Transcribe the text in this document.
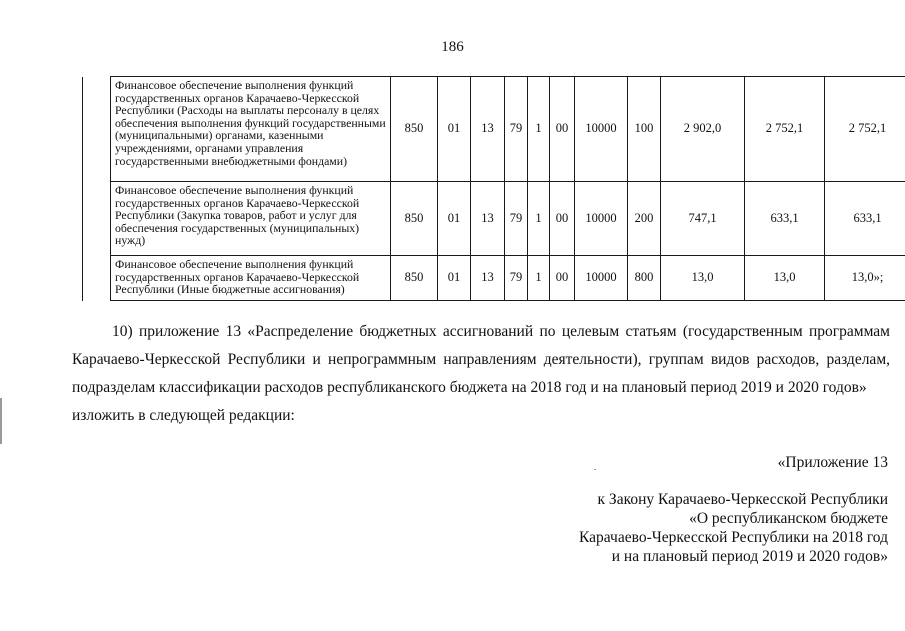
186
	Финансовое обеспечение выполнения функций государственных органов Карачаево-Черкесской Республики (Расходы на выплаты персоналу в целях обеспечения выполнения функций государственными (муниципальными) органами, казенными учреждениями, органами управления государственными внебюджетными фондами)	850	01	13	79	1	00	10000	100	2 902,0	2 752,1	2 752,1
	Финансовое обеспечение выполнения функций государственных органов Карачаево-Черкесской Республики (Закупка товаров, работ и услуг для обеспечения государственных (муниципальных) нужд)	850	01	13	79	1	00	10000	200	747,1	633,1	633,1
	Финансовое обеспечение выполнения функций государственных органов Карачаево-Черкесской Республики (Иные бюджетные ассигнования)	850	01	13	79	1	00	10000	800	13,0	13,0	13,0»;

10) приложение 13 «Распределение бюджетных ассигнований по целевым статьям (государственным программам Карачаево-Черкесской Республики и непрограммным направлениям деятельности), группам видов расходов, разделам, подразделам классификации расходов республиканского бюджета на 2018 год и на плановый период 2019 и 2020 годов»

изложить в следующей редакции:

«Приложение 13
к Закону Карачаево-Черкесской Республики
«О республиканском бюджете
Карачаево-Черкесской Республики на 2018 год
и на плановый период 2019 и 2020 годов»
